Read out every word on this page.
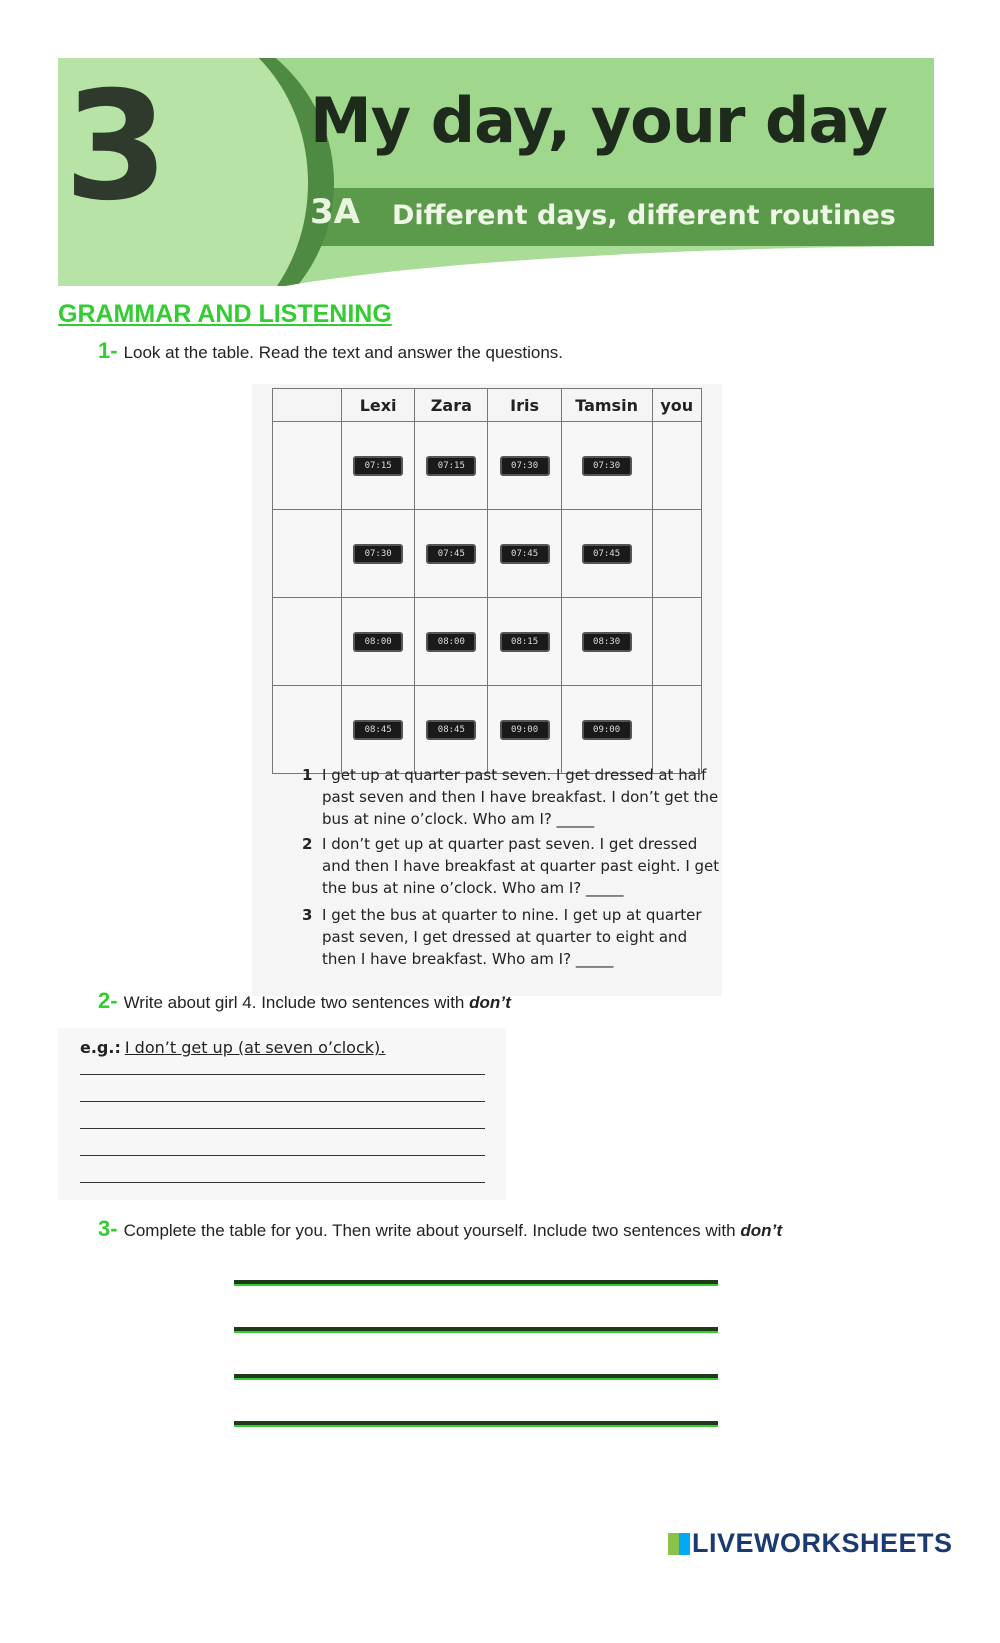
3 My day, your day
3A Different days, different routines
GRAMMAR AND LISTENING
1- Look at the table. Read the text and answer the questions.
	Lexi	Zara	Iris	Tamsin	you
	07:15	07:15	07:30	07:30	
	07:30	07:45	07:45	07:45	
	08:00	08:00	08:15	08:30	
	08:45	08:45	09:00	09:00	
1 I get up at quarter past seven. I get dressed at half past seven and then I have breakfast. I don’t get the bus at nine o’clock. Who am I? _____
2 I don’t get up at quarter past seven. I get dressed and then I have breakfast at quarter past eight. I get the bus at nine o’clock. Who am I? _____
3 I get the bus at quarter to nine. I get up at quarter past seven, I get dressed at quarter to eight and then I have breakfast. Who am I? _____
2- Write about girl 4. Include two sentences with don’t
e.g.: I don’t get up (at seven o’clock).
3- Complete the table for you. Then write about yourself. Include two sentences with don’t
LIVEWORKSHEETS
